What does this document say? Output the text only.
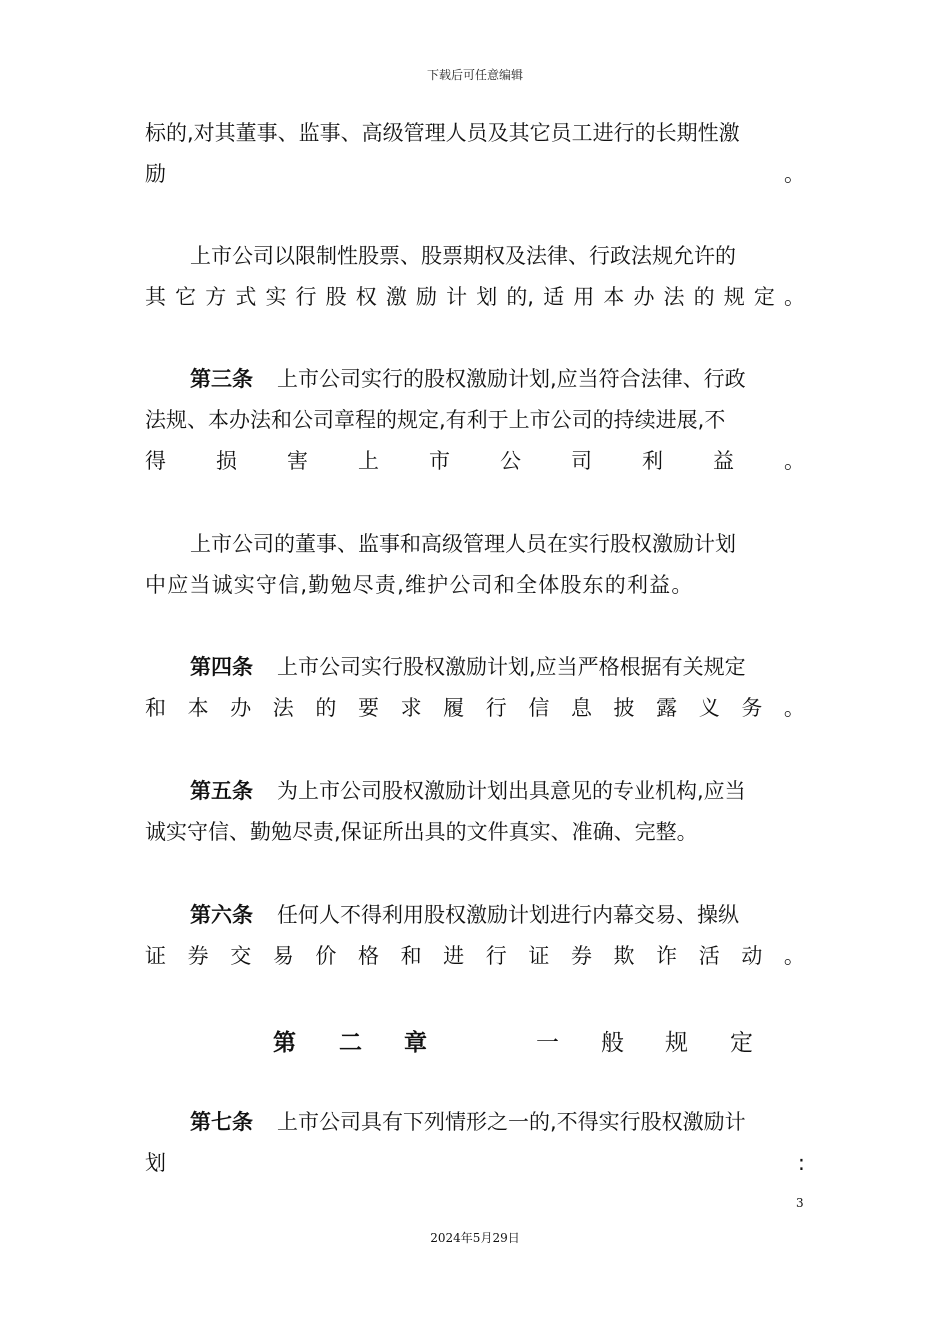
下载后可任意编辑
标的,对其董事、监事、高级管理人员及其它员工进行的长期性激
励	。
上市公司以限制性股票、股票期权及法律、行政法规允许的
其 它 方 式 实 行 股 权 激 励 计 划 的, 适 用 本 办 法 的 规 定 。
第三条 上市公司实行的股权激励计划,应当符合法律、行政
法规、本办法和公司章程的规定,有利于上市公司的持续进展,不
得 损 害 上 市 公 司 利 益 。
上市公司的董事、监事和高级管理人员在实行股权激励计划
中应当诚实守信,勤勉尽责,维护公司和全体股东的利益。
第四条 上市公司实行股权激励计划,应当严格根据有关规定
和 本 办 法 的 要 求 履 行 信 息 披 露 义 务 。
第五条 为上市公司股权激励计划出具意见的专业机构,应当
诚实守信、勤勉尽责,保证所出具的文件真实、准确、完整。
第六条 任何人不得利用股权激励计划进行内幕交易、操纵
证 券 交 易 价 格 和 进 行 证 券 欺 诈 活 动 。
第 二 章	一 般 规 定
第七条 上市公司具有下列情形之一的,不得实行股权激励计
划	:
3
2024年5月29日
